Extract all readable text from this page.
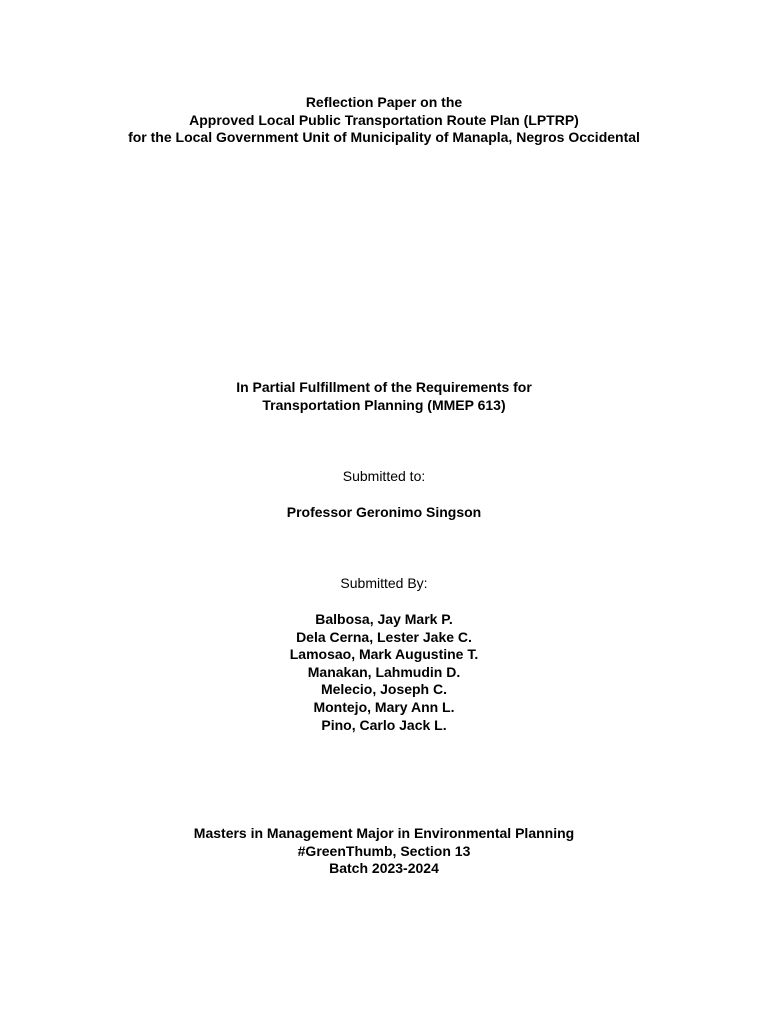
Reflection Paper on the
Approved Local Public Transportation Route Plan (LPTRP)
for the Local Government Unit of Municipality of Manapla, Negros Occidental
In Partial Fulfillment of the Requirements for
Transportation Planning (MMEP 613)
Submitted to:
Professor Geronimo Singson
Submitted By:
Balbosa, Jay Mark P.
Dela Cerna, Lester Jake C.
Lamosao, Mark Augustine T.
Manakan, Lahmudin D.
Melecio, Joseph C.
Montejo, Mary Ann L.
Pino, Carlo Jack L.
Masters in Management Major in Environmental Planning
#GreenThumb, Section 13
Batch 2023-2024
